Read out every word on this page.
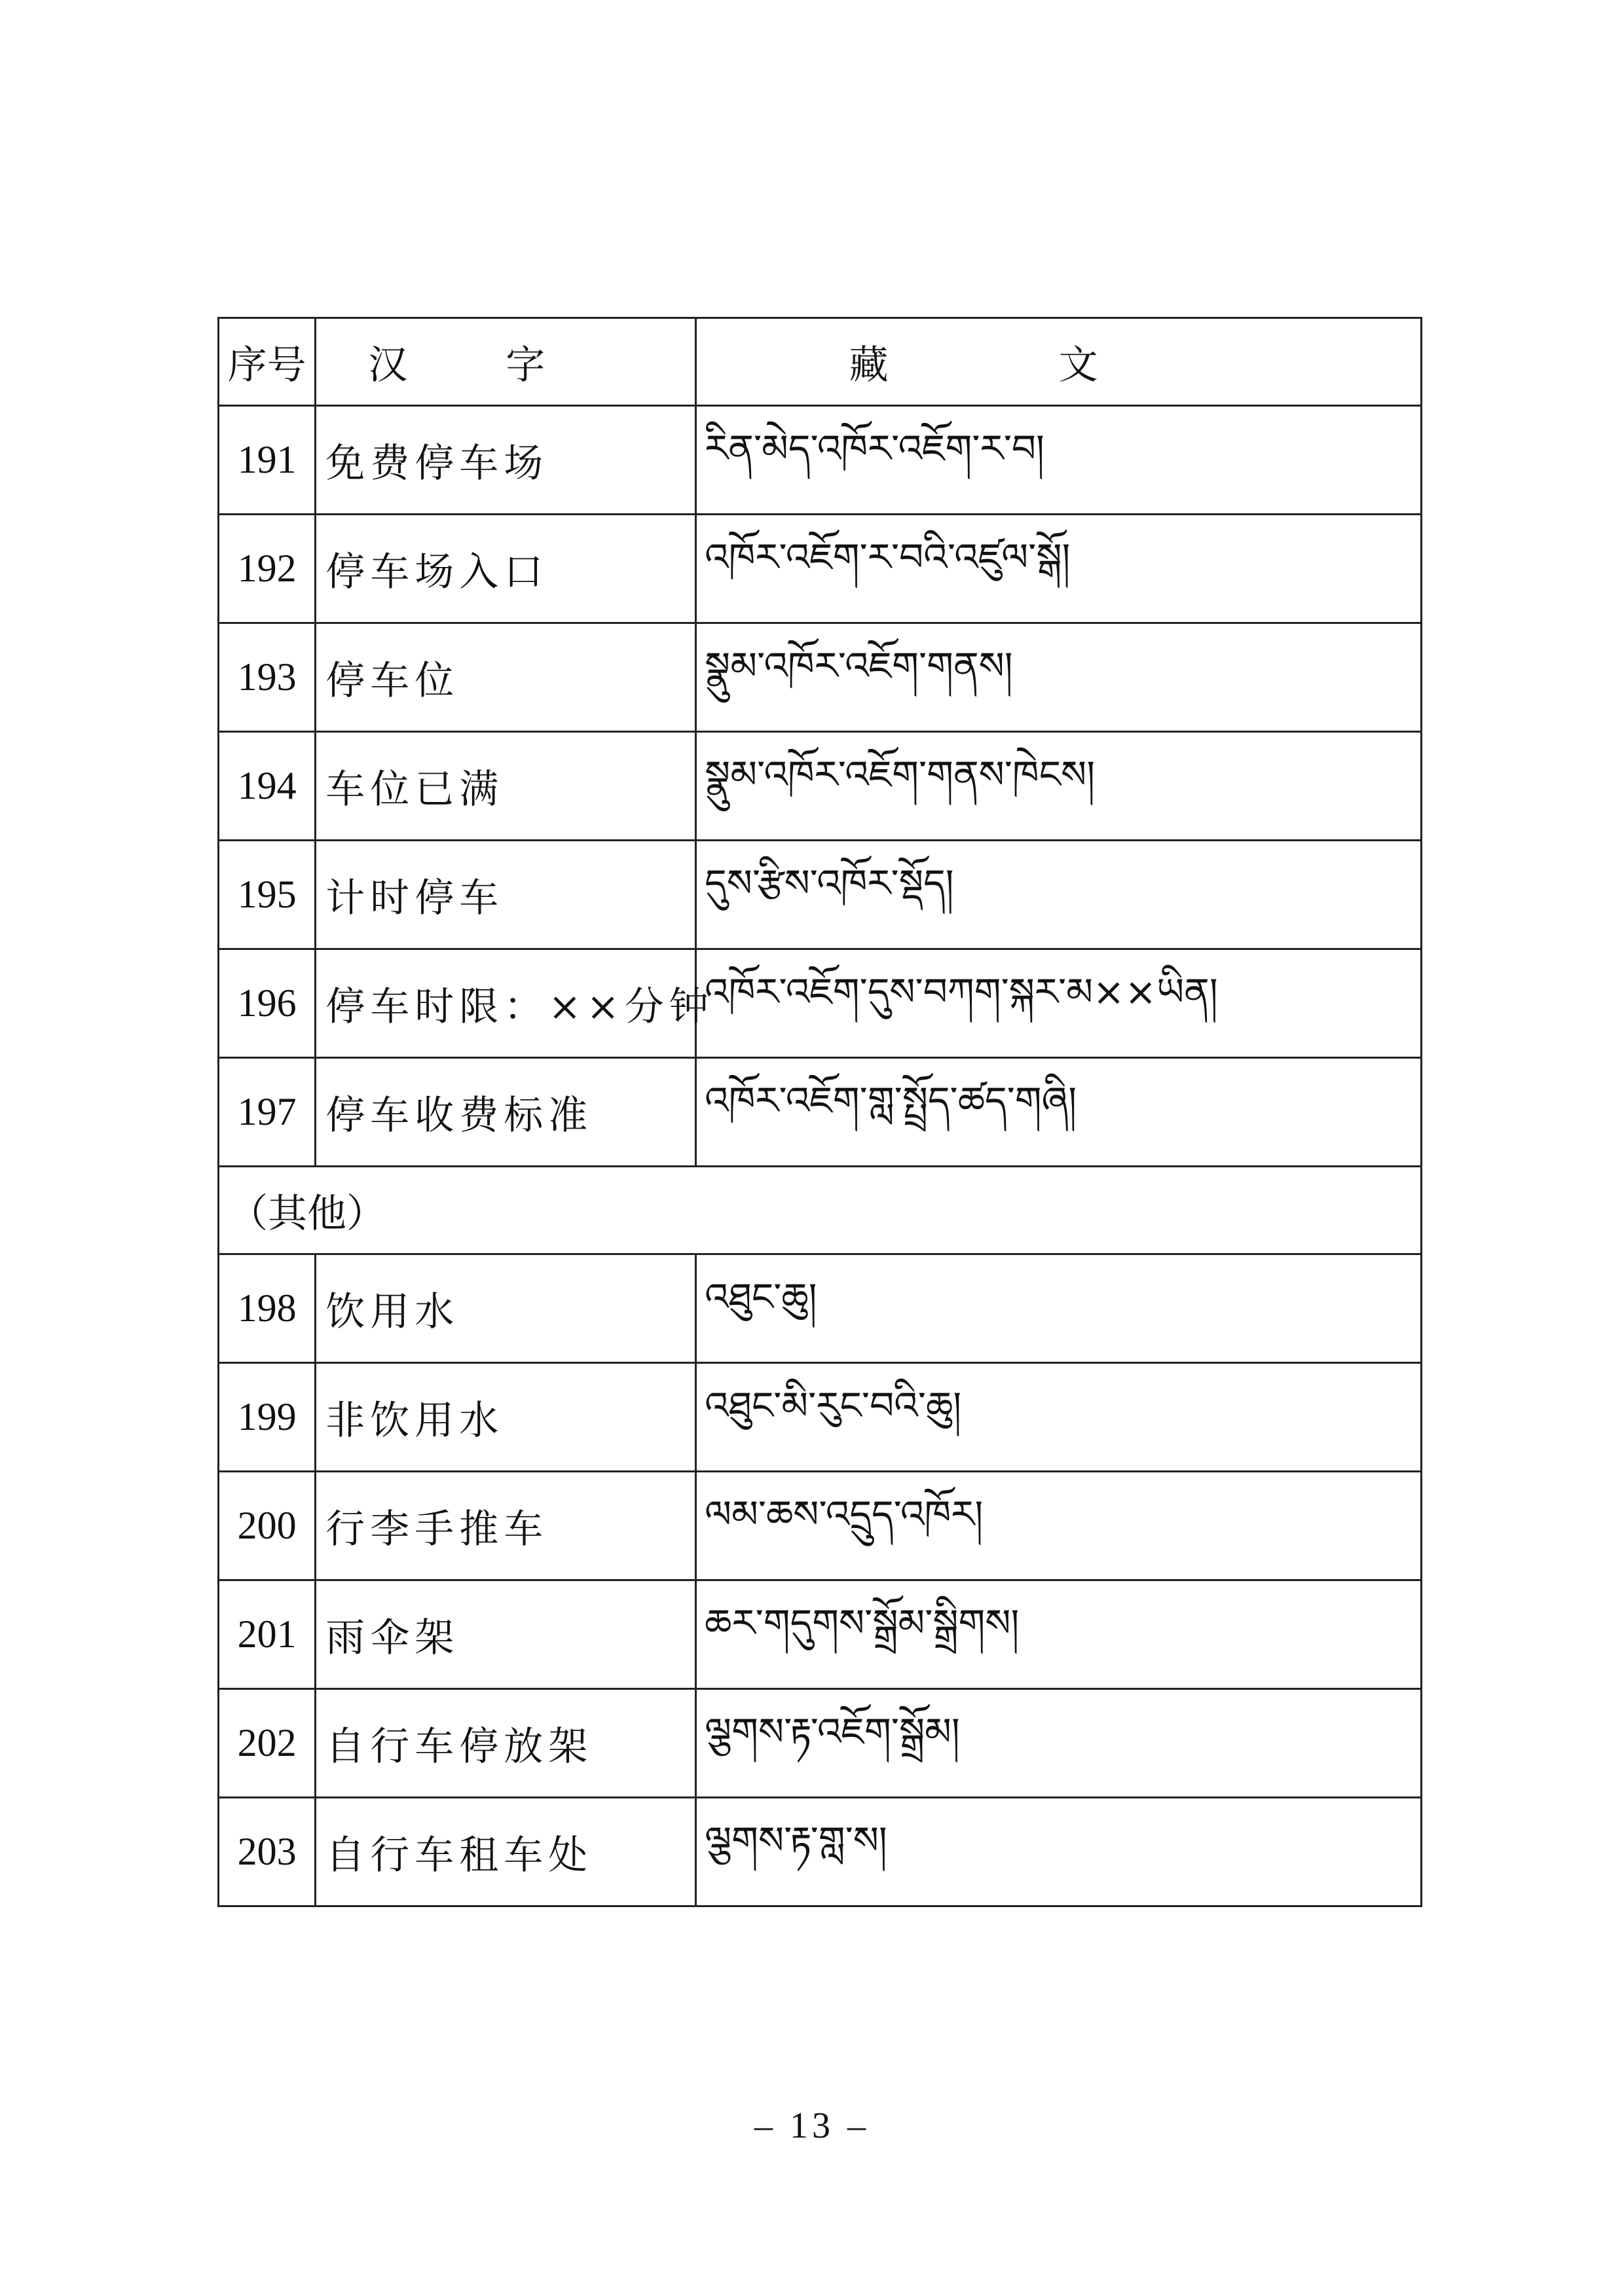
序号	汉字	藏文
191	免费停车场	རིན་མེད་འཁོར་འཇོག་ར་བ།
192	停车场入口	འཁོར་འཇོག་ར་བའི་འཛུལ་སྒོ།
193	停车位	སྣུམ་འཁོར་འཇོག་གནས།
194	车位已满	སྣུམ་འཁོར་འཇོག་གནས་ཁེངས།
195	计时停车	དུས་རྩིས་འཁོར་སྡོད།
196	停车时限：××分钟	འཁོར་འཇོག་དུས་བཀག་སྐར་མ××ཡིན།
197	停车收费标准	འཁོར་འཇོག་གླ་སྤྲོད་ཚད་གཞི།
（其他）		
198	饮用水	འཐུང་ཆུ།
199	非饮用水	འཐུང་མི་རུང་བའི་ཆུ།
200	行李手推车	ལམ་ཆས་འདྲུད་འཁོར།
201	雨伞架	ཆར་གདུགས་སྒྲོམ་སྒྲིགས།
202	自行车停放架	ལྕགས་རྟ་འཇོག་སྒྲོམ།
203	自行车租车处	ལྕགས་རྟ་གླ་ས།
– 13 –
